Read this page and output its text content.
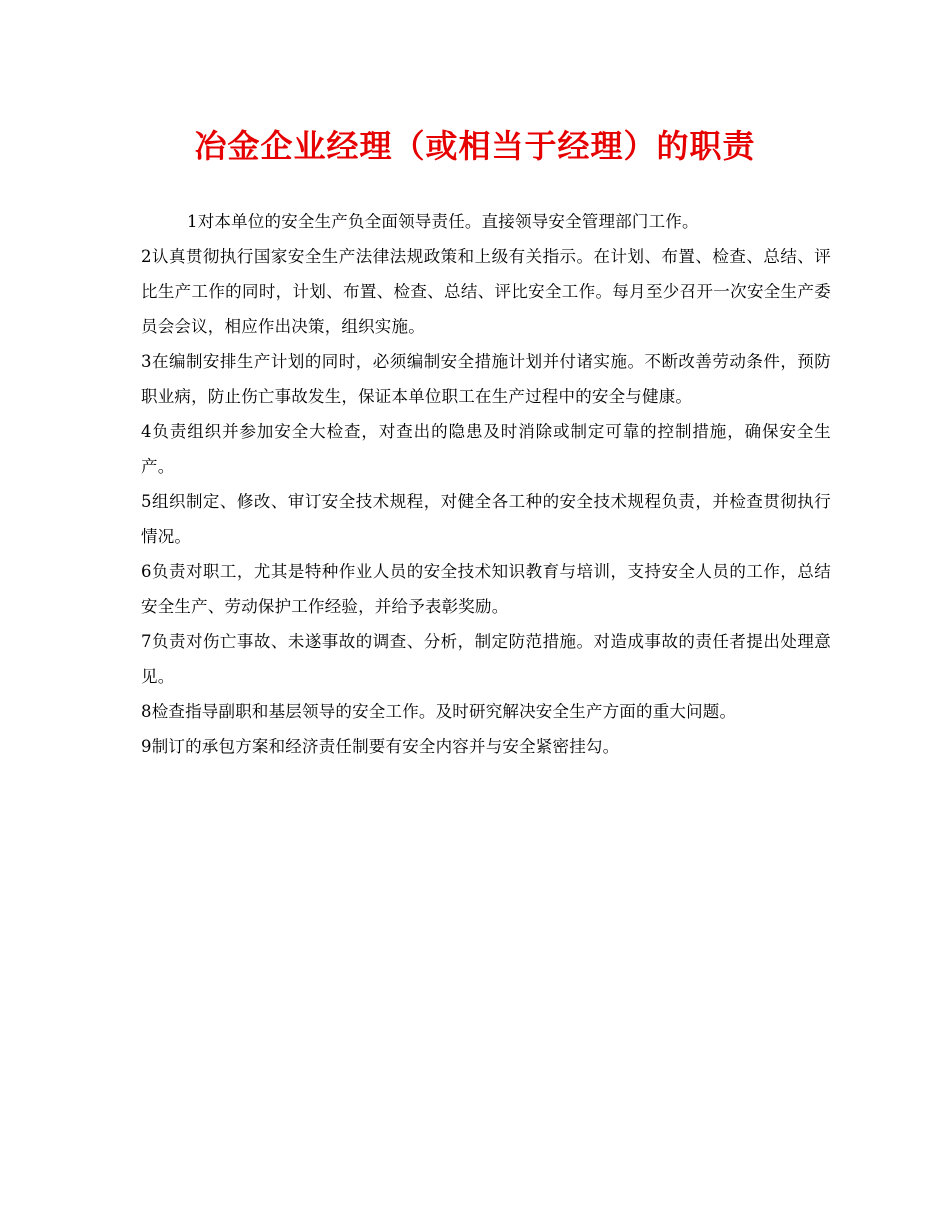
冶金企业经理（或相当于经理）的职责

1对本单位的安全生产负全面领导责任。直接领导安全管理部门工作。

2认真贯彻执行国家安全生产法律法规政策和上级有关指示。在计划、布置、检查、总结、评比生产工作的同时，计划、布置、检查、总结、评比安全工作。每月至少召开一次安全生产委员会会议，相应作出决策，组织实施。

3在编制安排生产计划的同时，必须编制安全措施计划并付诸实施。不断改善劳动条件，预防职业病，防止伤亡事故发生，保证本单位职工在生产过程中的安全与健康。

4负责组织并参加安全大检查，对查出的隐患及时消除或制定可靠的控制措施，确保安全生产。

5组织制定、修改、审订安全技术规程，对健全各工种的安全技术规程负责，并检查贯彻执行情况。

6负责对职工，尤其是特种作业人员的安全技术知识教育与培训，支持安全人员的工作，总结安全生产、劳动保护工作经验，并给予表彰奖励。

7负责对伤亡事故、未遂事故的调查、分析，制定防范措施。对造成事故的责任者提出处理意见。

8检查指导副职和基层领导的安全工作。及时研究解决安全生产方面的重大问题。

9制订的承包方案和经济责任制要有安全内容并与安全紧密挂勾。
